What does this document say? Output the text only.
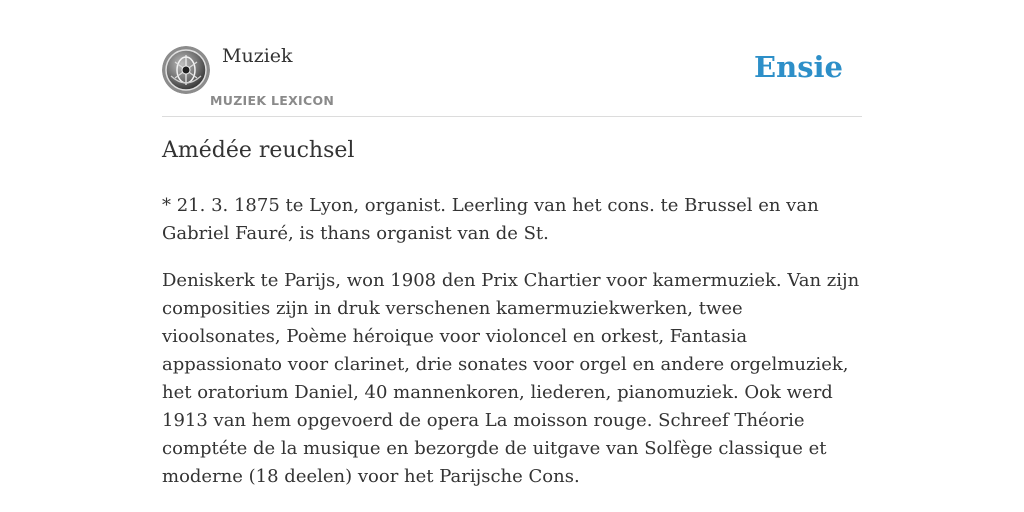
Muziek
MUZIEK LEXICON
Ensie
Amédée reuchsel

* 21. 3. 1875 te Lyon, organist. Leerling van het cons. te Brussel en van Gabriel Fauré, is thans organist van de St.

Deniskerk te Parijs, won 1908 den Prix Chartier voor kamermuziek. Van zijn composities zijn in druk verschenen kamermuziekwerken, twee vioolsonates, Poème héroique voor violoncel en orkest, Fantasia appassionato voor clarinet, drie sonates voor orgel en andere orgelmuziek, het oratorium Daniel, 40 mannenkoren, liederen, pianomuziek. Ook werd 1913 van hem opgevoerd de opera La moisson rouge. Schreef Théorie comptéte de la musique en bezorgde de uitgave van Solfège classique et moderne (18 deelen) voor het Parijsche Cons.
